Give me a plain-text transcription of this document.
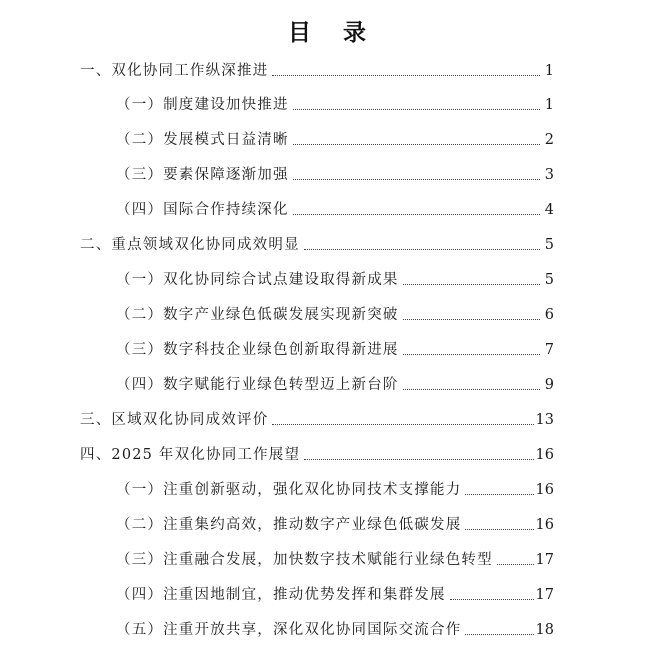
目 录
一、双化协同工作纵深推进	1
（一）制度建设加快推进	1
（二）发展模式日益清晰	2
（三）要素保障逐渐加强	3
（四）国际合作持续深化	4
二、重点领域双化协同成效明显	5
（一）双化协同综合试点建设取得新成果	5
（二）数字产业绿色低碳发展实现新突破	6
（三）数字科技企业绿色创新取得新进展	7
（四）数字赋能行业绿色转型迈上新台阶	9
三、区域双化协同成效评价	13
四、2025 年双化协同工作展望	16
（一）注重创新驱动，强化双化协同技术支撑能力	16
（二）注重集约高效，推动数字产业绿色低碳发展	16
（三）注重融合发展，加快数字技术赋能行业绿色转型	17
（四）注重因地制宜，推动优势发挥和集群发展	17
（五）注重开放共享，深化双化协同国际交流合作	18
